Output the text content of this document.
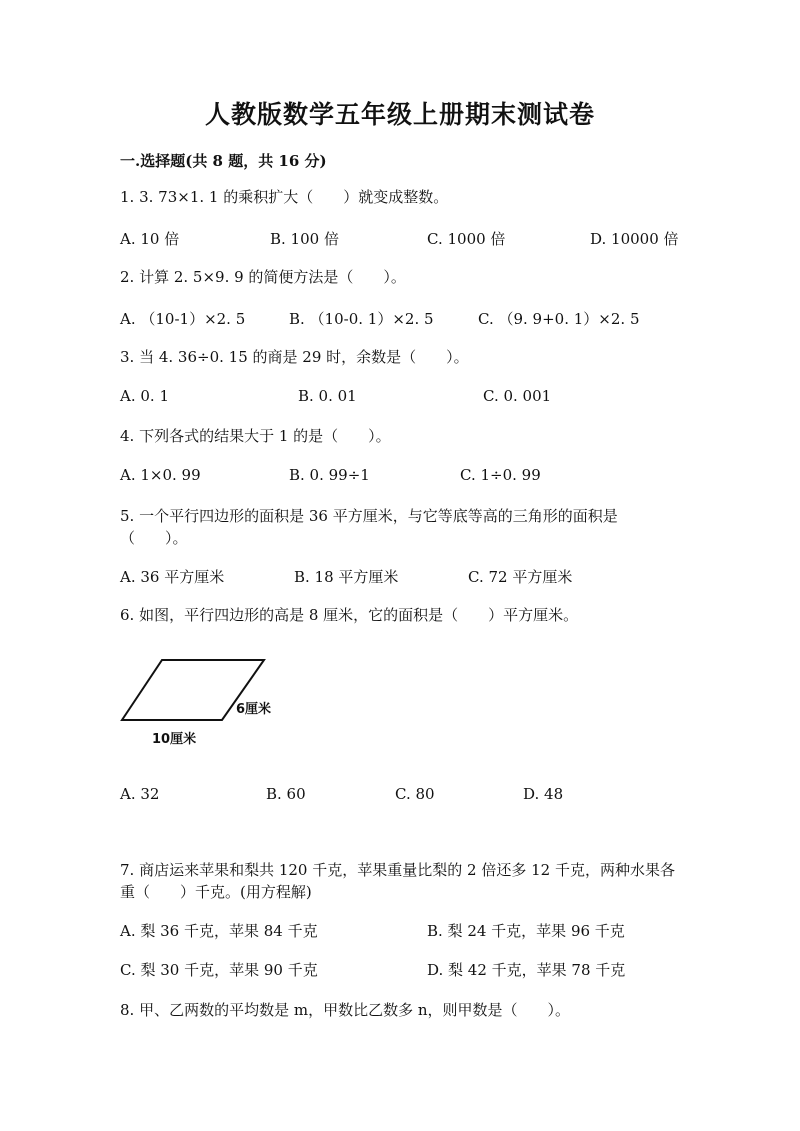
人教版数学五年级上册期末测试卷
一.选择题(共 8 题，共 16 分)
1. 3. 73×1. 1 的乘积扩大（　　）就变成整数。
A. 10 倍	B. 100 倍	C. 1000 倍	D. 10000 倍
2. 计算 2. 5×9. 9 的简便方法是（　　）。
A. （10-1）×2. 5	B. （10-0. 1）×2. 5	C. （9. 9+0. 1）×2. 5
3. 当 4. 36÷0. 15 的商是 29 时，余数是（　　）。
A. 0. 1	B. 0. 01	C. 0. 001
4. 下列各式的结果大于 1 的是（　　）。
A. 1×0. 99	B. 0. 99÷1	C. 1÷0. 99
5. 一个平行四边形的面积是 36 平方厘米，与它等底等高的三角形的面积是（　　）。
A. 36 平方厘米	B. 18 平方厘米	C. 72 平方厘米
6. 如图，平行四边形的高是 8 厘米，它的面积是（　　）平方厘米。
6厘米
10厘米
A. 32	B. 60	C. 80	D. 48
7. 商店运来苹果和梨共 120 千克，苹果重量比梨的 2 倍还多 12 千克，两种水果各重（　　）千克。(用方程解)
A. 梨 36 千克，苹果 84 千克	B. 梨 24 千克，苹果 96 千克
C. 梨 30 千克，苹果 90 千克	D. 梨 42 千克，苹果 78 千克
8. 甲、乙两数的平均数是 m，甲数比乙数多 n，则甲数是（　　）。
